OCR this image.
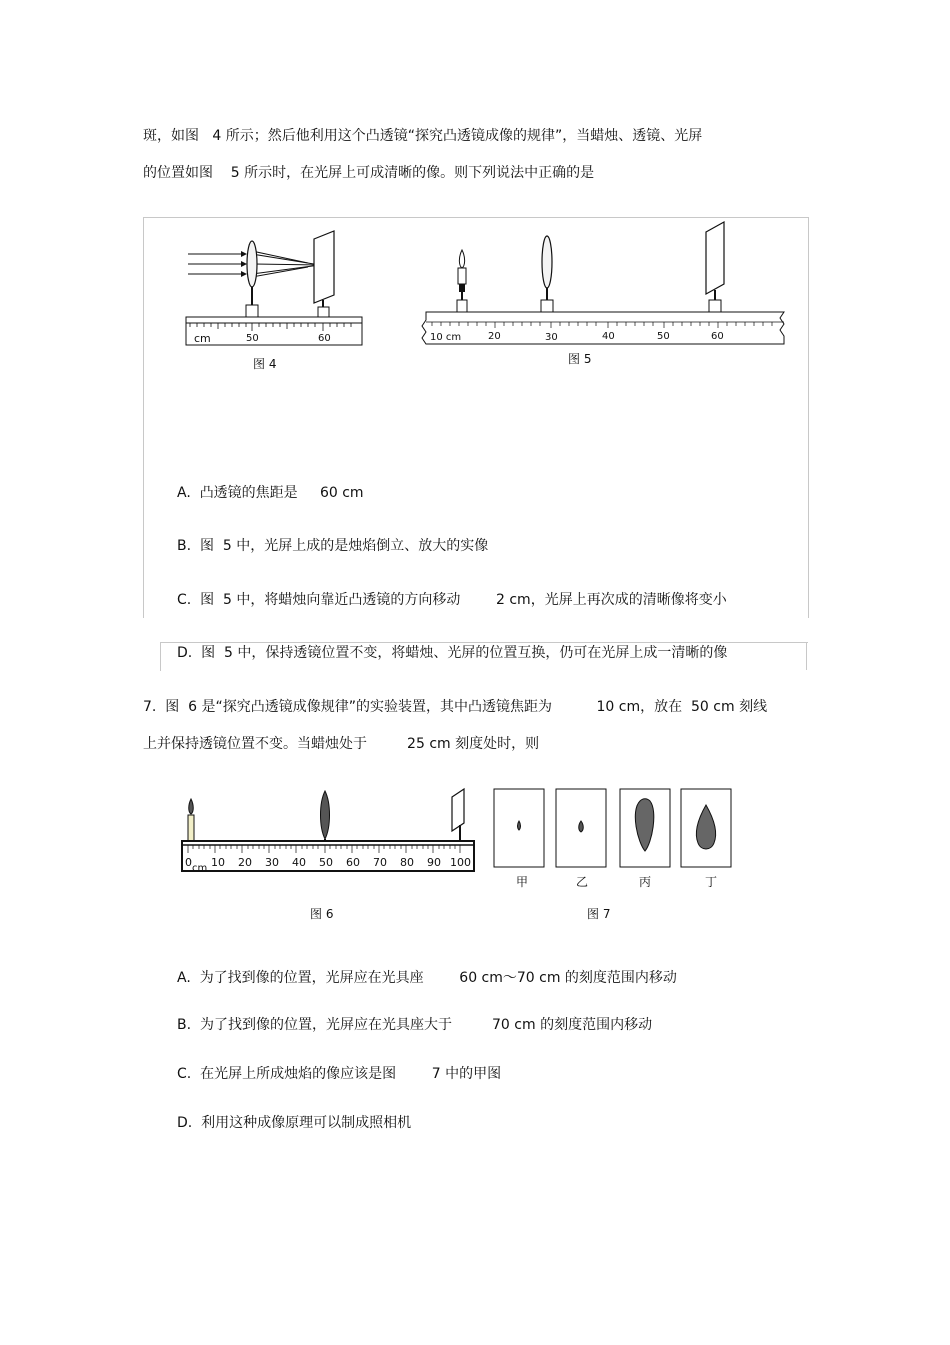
斑，如图   4 所示；然后他利用这个凸透镜“探究凸透镜成像的规律”，当蜡烛、透镜、光屏
的位置如图    5 所示时，在光屏上可成清晰的像。则下列说法中正确的是
cm	50	60
图 4
10 cm	20	30	40	50	60
图 5
A. 凸透镜的焦距是     60 cm
B. 图  5 中，光屏上成的是烛焰倒立、放大的实像
C. 图  5 中，将蜡烛向靠近凸透镜的方向移动        2 cm，光屏上再次成的清晰像将变小
D. 图  5 中，保持透镜位置不变，将蜡烛、光屏的位置互换，仍可在光屏上成一清晰的像
7.  图  6 是“探究凸透镜成像规律”的实验装置，其中凸透镜焦距为          10 cm，放在  50 cm 刻线
上并保持透镜位置不变。当蜡烛处于         25 cm 刻度处时，则
0 cm 10 20 30 40 50 60 70 80 90 100
图 6
甲	乙	丙	丁
图 7
A. 为了找到像的位置，光屏应在光具座        60 cm～70 cm 的刻度范围内移动
B. 为了找到像的位置，光屏应在光具座大于         70 cm 的刻度范围内移动
C. 在光屏上所成烛焰的像应该是图        7 中的甲图
D. 利用这种成像原理可以制成照相机
